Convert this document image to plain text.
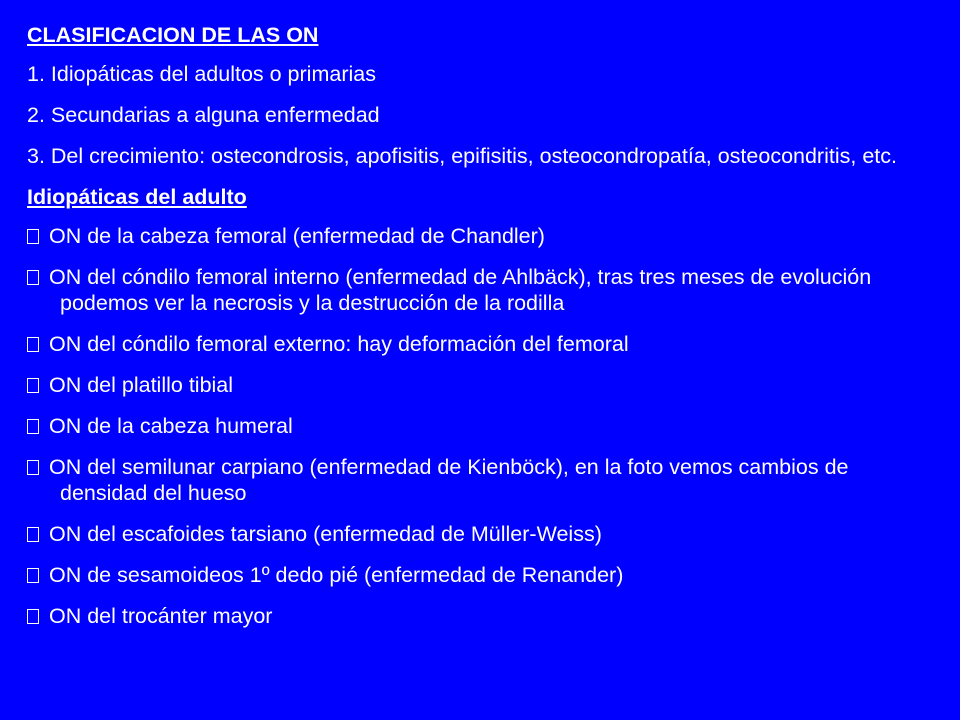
CLASIFICACION DE LAS ON
1. Idiopáticas del adultos o primarias
2. Secundarias a alguna enfermedad
3. Del crecimiento: ostecondrosis, apofisitis, epifisitis, osteocondropatía, osteocondritis, etc.
Idiopáticas del adulto
ON de la cabeza femoral (enfermedad de Chandler)
ON del cóndilo femoral interno (enfermedad de Ahlbäck), tras tres meses de evolución podemos ver la necrosis y la destrucción de la rodilla
ON del cóndilo femoral externo: hay deformación del femoral
ON del platillo tibial
ON de la cabeza humeral
ON del semilunar carpiano (enfermedad de Kienböck), en la foto vemos cambios de densidad del hueso
ON del escafoides tarsiano (enfermedad de Müller-Weiss)
ON de sesamoideos 1º dedo pié (enfermedad de Renander)
ON del trocánter mayor
